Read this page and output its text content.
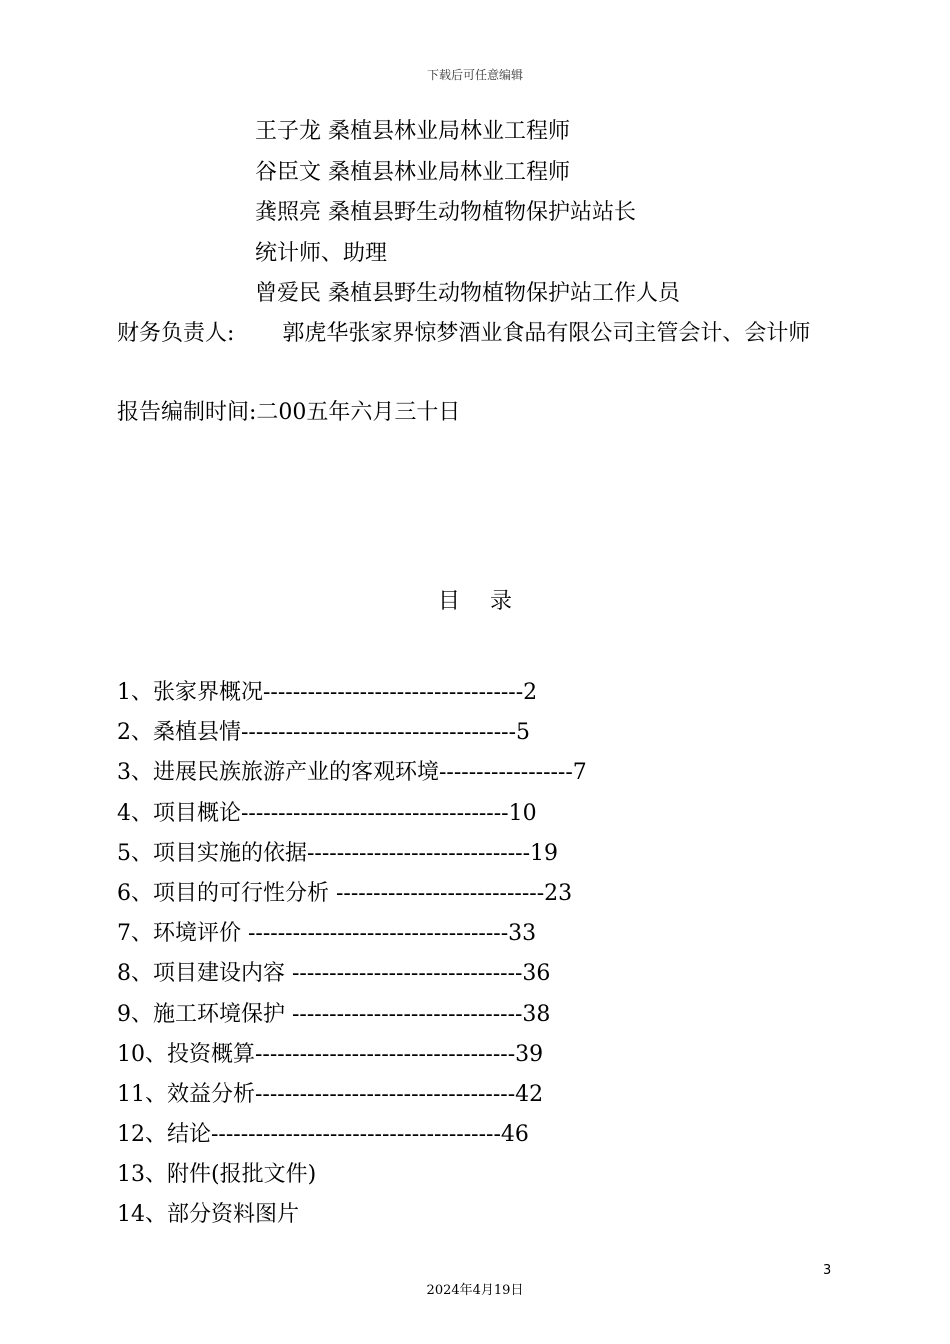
下载后可任意编辑
王子龙 桑植县林业局林业工程师
谷臣文 桑植县林业局林业工程师
龚照亮 桑植县野生动物植物保护站站长
统计师、助理
曾爱民 桑植县野生动物植物保护站工作人员
财务负责人: 郭虎华张家界惊梦酒业食品有限公司主管会计、会计师
报告编制时间:二00五年六月三十日
目录
1、张家界概况-----------------------------------2
2、桑植县情-------------------------------------5
3、进展民族旅游产业的客观环境------------------7
4、项目概论------------------------------------10
5、项目实施的依据------------------------------19
6、项目的可行性分析 ----------------------------23
7、环境评价 -----------------------------------33
8、项目建设内容 -------------------------------36
9、施工环境保护 -------------------------------38
10、投资概算-----------------------------------39
11、效益分析-----------------------------------42
12、结论---------------------------------------46
13、附件(报批文件)
14、部分资料图片
3
2024年4月19日
